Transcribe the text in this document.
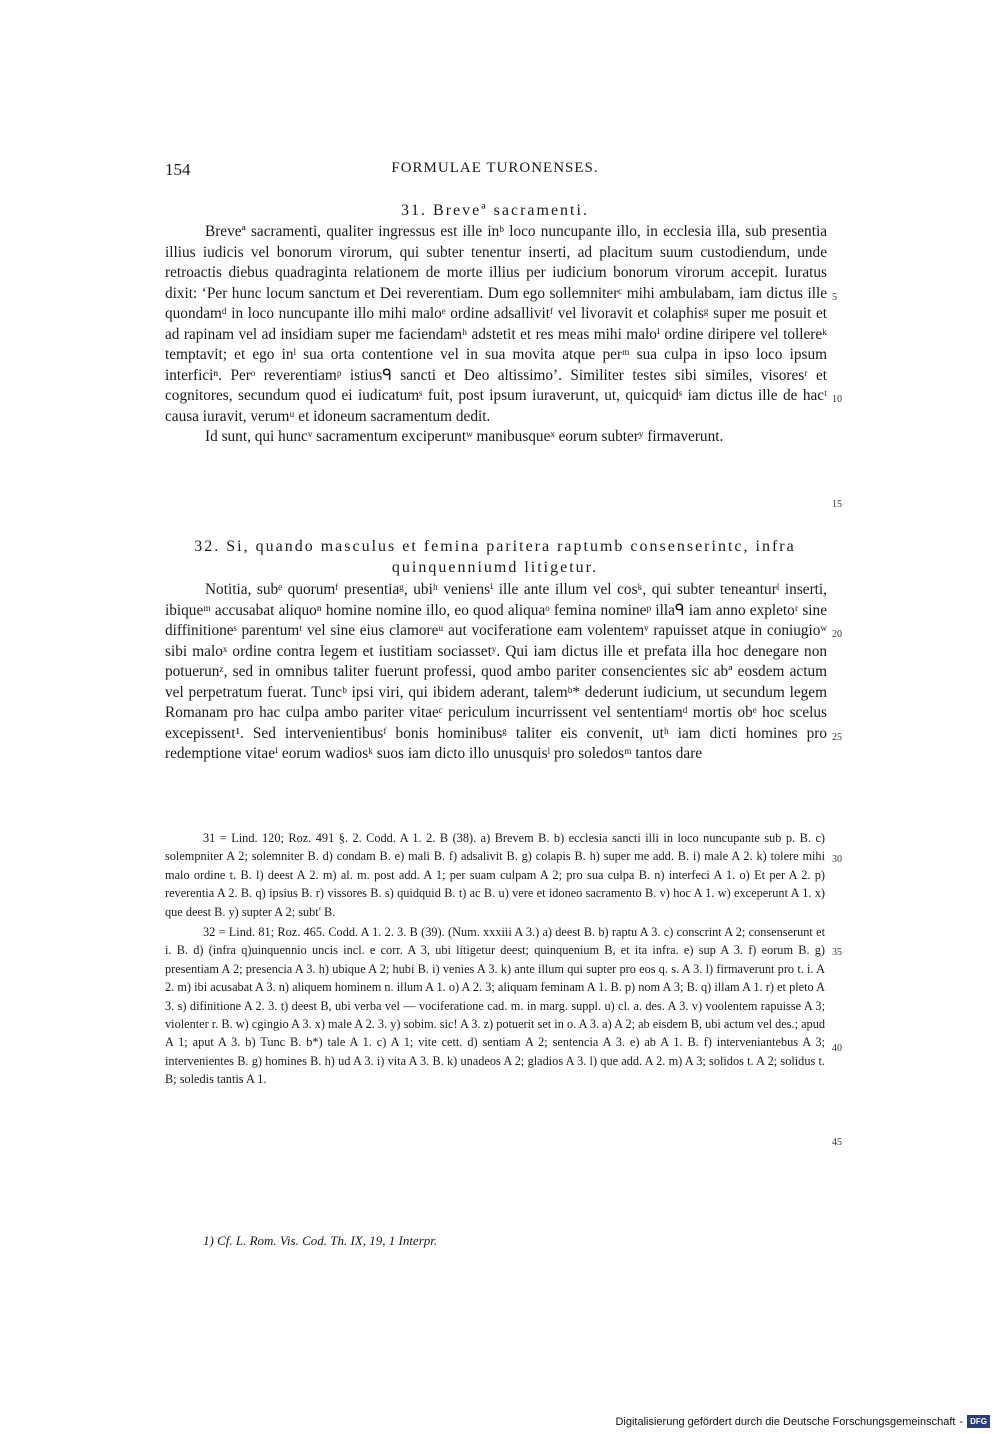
154	FORMULAE TURONENSES.
31. Breveª sacramenti.

Breveª sacramenti, qualiter ingressus est ille inᵇ loco nuncupante illo, in ecclesia illa, sub presentia illius iudicis vel bonorum virorum, qui subter tenentur inserti, ad placitum suum custodiendum, unde retroactis diebus quadraginta relationem de morte illius per iudicium bonorum virorum accepit. Iuratus dixit: ‘Per hunc locum sanctum et Dei reverentiam. Dum ego sollemniterᶜ mihi ambulabam, iam dictus ille quondamᵈ in loco nuncupante illo mihi maloᵉ ordine adsallivitᶠ vel livoravit et colaphisᵍ super me posuit et ad rapinam vel ad insidiam super me faciendamʰ adstetit et res meas mihi maloⁱ ordine diripere vel tollereᵏ temptavit; et ego inˡ sua orta contentione vel in sua movita atque perᵐ sua culpa in ipso loco ipsum interficiⁿ. Perᵒ reverentiamᵖ istiusᑫ sancti et Deo altissimo’. Similiter testes sibi similes, visoresʳ et cognitores, secundum quod ei iudicatumˢ fuit, post ipsum iuraverunt, ut, quicquidˢ iam dictus ille de hacᵗ causa iuravit, verumᵘ et idoneum sacramentum dedit.

Id sunt, qui huncᵛ sacramentum exciperuntʷ manibusqueˣ eorum subterʸ firmaverunt.

32. Si, quando masculus et femina paritera raptumb consenserintc, infra quinquenniumd litigetur.

Notitia, subᵉ quorumᶠ presentiaᵍ, ubiʰ veniensⁱ ille ante illum vel cosᵏ, qui subter teneanturˡ inserti, ibiqueᵐ accusabat aliquoⁿ homine nomine illo, eo quod aliquaᵒ femina nomineᵖ illaᑫ iam anno expletoʳ sine diffinitioneˢ parentumᵗ vel sine eius clamoreᵘ aut vociferatione eam volentemᵛ rapuisset atque in coniugioʷ sibi maloˣ ordine contra legem et iustitiam sociassetʸ. Qui iam dictus ille et prefata illa hoc denegare non potuerunᶻ, sed in omnibus taliter fuerunt professi, quod ambo pariter consencientes sic abª eosdem actum vel perpetratum fuerat. Tuncᵇ ipsi viri, qui ibidem aderant, talemᵇ* dederunt iudicium, ut secundum legem Romanam pro hac culpa ambo pariter vitaeᶜ periculum incurrissent vel sententiamᵈ mortis obᵉ hoc scelus excepissent¹. Sed intervenientibusᶠ bonis hominibusᵍ taliter eis convenit, utʰ iam dicti homines pro redemptione vitaeⁱ eorum wadiosᵏ suos iam dicto illo unusquisˡ pro soledosᵐ tantos dare

31 = Lind. 120; Roz. 491 §. 2. Codd. A 1. 2. B (38). a) Brevem B. b) ecclesia sancti illi in loco nuncupante sub p. B. c) solempniter A 2; solemniter B. d) condam B. e) mali B. f) adsalivit B. g) colapis B. h) super me add. B. i) male A 2. k) tolere mihi malo ordine t. B. l) deest A 2. m) al. m. post add. A 1; per suam culpam A 2; pro sua culpa B. n) interfeci A 1. o) Et per A 2. p) reverentia A 2. B. q) ipsius B. r) vissores B. s) quidquid B. t) ac B. u) vere et idoneo sacramento B. v) hoc A 1. w) exceperunt A 1. x) que deest B. y) supter A 2; subt' B.

32 = Lind. 81; Roz. 465. Codd. A 1. 2. 3. B (39). (Num. xxxiii A 3.) a) deest B. b) raptu A 3. c) conscrint A 2; consenserunt et i. B. d) (infra q)uinquennio uncis incl. e corr. A 3, ubi litigetur deest; quinquenium B, et ita infra. e) sup A 3. f) eorum B. g) presentiam A 2; presencia A 3. h) ubique A 2; hubi B. i) venies A 3. k) ante illum qui supter pro eos q. s. A 3. l) firmaverunt pro t. i. A 2. m) ibi acusabat A 3. n) aliquem hominem n. illum A 1. o) A 2. 3; aliquam feminam A 1. B. p) nom A 3; B. q) illam A 1. r) et pleto A 3. s) difinitione A 2. 3. t) deest B, ubi verba vel — vociferatione cad. m. in marg. suppl. u) cl. a. des. A 3. v) voolentem rapuisse A 3; violenter r. B. w) cgingio A 3. x) male A 2. 3. y) sobim. sic! A 3. z) potuerit set in o. A 3. a) A 2; ab eisdem B, ubi actum vel des.; apud A 1; aput A 3. b) Tunc B. b*) tale A 1. c) A 1; vite cett. d) sentiam A 2; sentencia A 3. e) ab A 1. B. f) interveniantebus A 3; intervenientes B. g) homines B. h) ud A 3. i) vita A 3. B. k) unadeos A 2; gladios A 3. l) que add. A 2. m) A 3; solidos t. A 2; solidus t. B; soledis tantis A 1.

1) Cf. L. Rom. Vis. Cod. Th. IX, 19, 1 Interpr.
5
10
15
20
25
30
35
40
45
Digitalisierung gefördert durch die Deutsche Forschungsgemeinschaft - DFG
